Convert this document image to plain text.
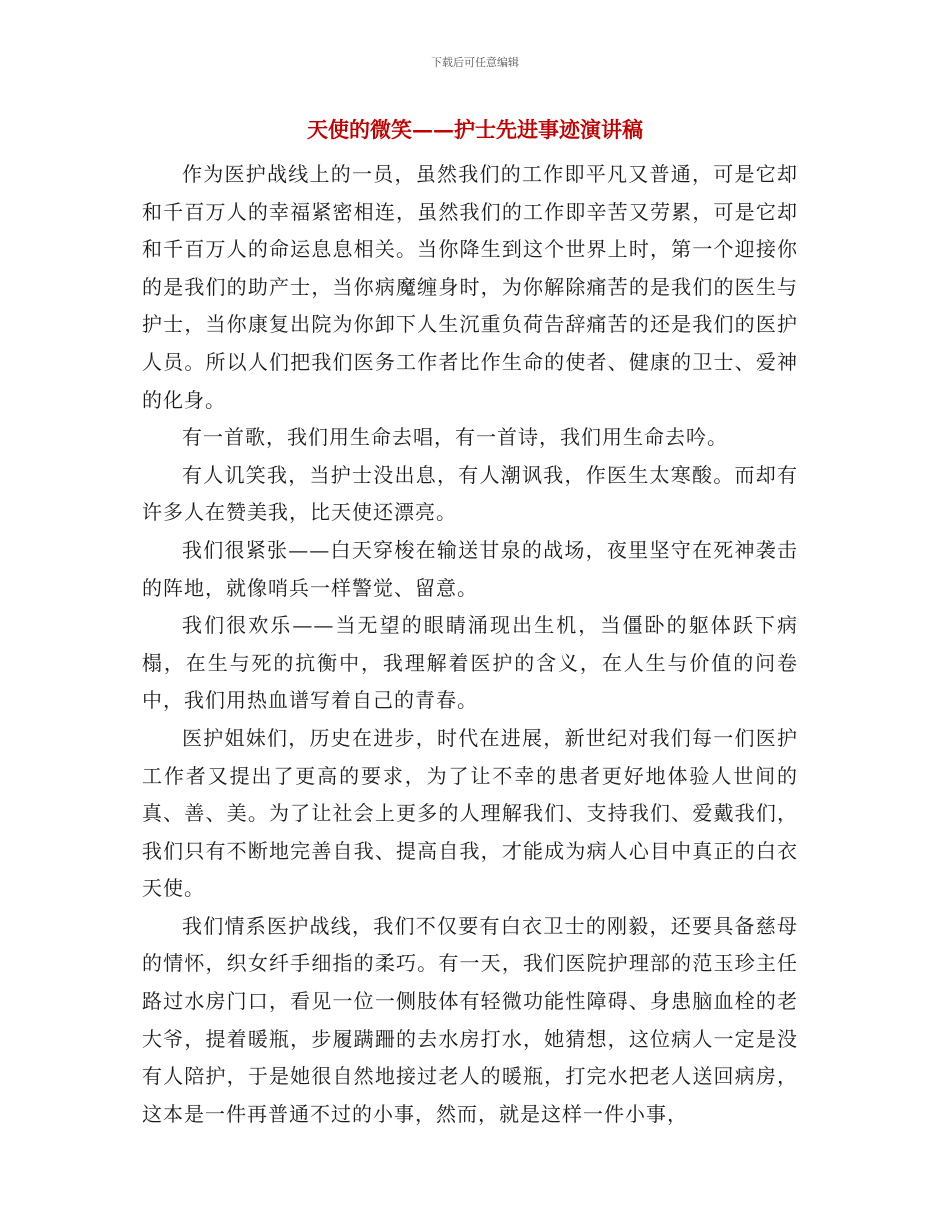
下载后可任意编辑
天使的微笑——护士先进事迹演讲稿

作为医护战线上的一员，虽然我们的工作即平凡又普通，可是它却和千百万人的幸福紧密相连，虽然我们的工作即辛苦又劳累，可是它却和千百万人的命运息息相关。当你降生到这个世界上时，第一个迎接你的是我们的助产士，当你病魔缠身时，为你解除痛苦的是我们的医生与护士，当你康复出院为你卸下人生沉重负荷告辞痛苦的还是我们的医护人员。所以人们把我们医务工作者比作生命的使者、健康的卫士、爱神的化身。

有一首歌，我们用生命去唱，有一首诗，我们用生命去吟。

有人讥笑我，当护士没出息，有人潮讽我，作医生太寒酸。而却有许多人在赞美我，比天使还漂亮。

我们很紧张——白天穿梭在输送甘泉的战场，夜里坚守在死神袭击的阵地，就像哨兵一样警觉、留意。

我们很欢乐——当无望的眼睛涌现出生机，当僵卧的躯体跃下病榻，在生与死的抗衡中，我理解着医护的含义，在人生与价值的问卷中，我们用热血谱写着自己的青春。

医护姐妹们，历史在进步，时代在进展，新世纪对我们每一们医护工作者又提出了更高的要求，为了让不幸的患者更好地体验人世间的真、善、美。为了让社会上更多的人理解我们、支持我们、爱戴我们，我们只有不断地完善自我、提高自我，才能成为病人心目中真正的白衣天使。

我们情系医护战线，我们不仅要有白衣卫士的刚毅，还要具备慈母的情怀，织女纤手细指的柔巧。有一天，我们医院护理部的范玉珍主任路过水房门口，看见一位一侧肢体有轻微功能性障碍、身患脑血栓的老大爷，提着暖瓶，步履蹒跚的去水房打水，她猜想，这位病人一定是没有人陪护，于是她很自然地接过老人的暖瓶，打完水把老人送回病房，这本是一件再普通不过的小事，然而，就是这样一件小事，
